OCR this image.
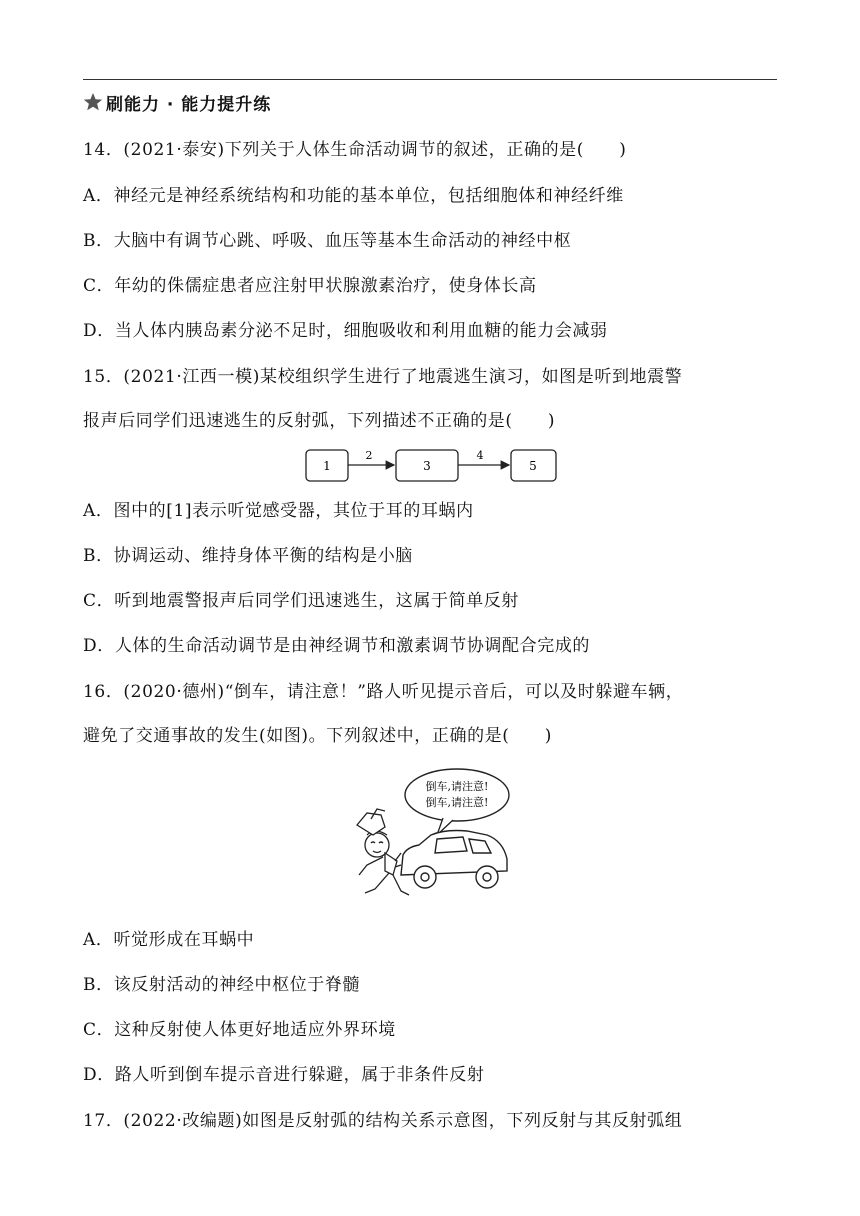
刷能力 · 能力提升练
14．(2021·泰安)下列关于人体生命活动调节的叙述，正确的是(　　)
A．神经元是神经系统结构和功能的基本单位，包括细胞体和神经纤维
B．大脑中有调节心跳、呼吸、血压等基本生命活动的神经中枢
C．年幼的侏儒症患者应注射甲状腺激素治疗，使身体长高
D．当人体内胰岛素分泌不足时，细胞吸收和利用血糖的能力会减弱
15．(2021·江西一模)某校组织学生进行了地震逃生演习，如图是听到地震警
报声后同学们迅速逃生的反射弧，下列描述不正确的是(　　)
1
2
3
4
5
A．图中的[1]表示听觉感受器，其位于耳的耳蜗内
B．协调运动、维持身体平衡的结构是小脑
C．听到地震警报声后同学们迅速逃生，这属于简单反射
D．人体的生命活动调节是由神经调节和激素调节协调配合完成的
16．(2020·德州)“倒车，请注意！”路人听见提示音后，可以及时躲避车辆，
避免了交通事故的发生(如图)。下列叙述中，正确的是(　　)
倒车,请注意!
倒车,请注意!
A．听觉形成在耳蜗中
B．该反射活动的神经中枢位于脊髓
C．这种反射使人体更好地适应外界环境
D．路人听到倒车提示音进行躲避，属于非条件反射
17．(2022·改编题)如图是反射弧的结构关系示意图，下列反射与其反射弧组
